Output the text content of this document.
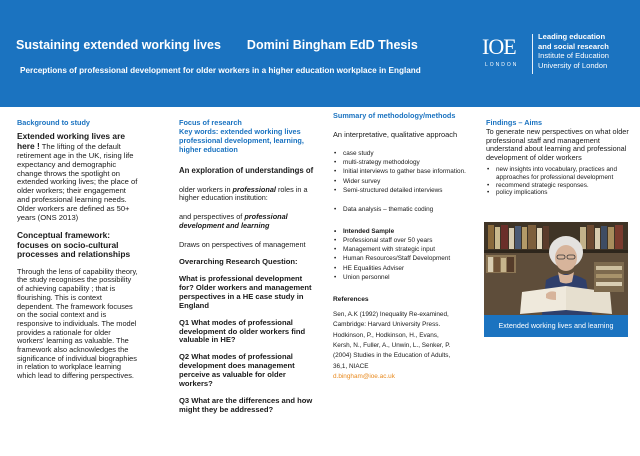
Sustaining extended working lives Domini Bingham EdD Thesis
Perceptions of professional development for older workers in a higher education workplace in England
IOE
LONDON
Leading education
and social research
Institute of Education
University of London
Background to study

Extended working lives are here ! The lifting of the default retirement age in the UK, rising life expectancy and demographic change throws the spotlight on extended working lives; the place of older workers; their engagement and professional learning needs. Older workers are defined as 50+ years (ONS 2013)

Conceptual framework: focuses on socio-cultural processes and relationships

Through the lens of capability theory, the study recognises the possibility of achieving capability ; that is flourishing. This is context dependent. The framework focuses on the social context and is responsive to individuals. The model provides a rationale for older workers' learning as valuable. The framework also acknowledges the significance of individual biographies in relation to workplace learning which lead to differing perspectives.

Focus of research

Key words: extended working lives professional development, learning, higher education

An exploration of understandings of

older workers in professional roles in a higher education institution:

and perspectives of professional development and learning

Draws on perspectives of management

Overarching Research Question:

What is professional development for? Older workers and management perspectives in a HE case study in England

Q1 What modes of professional development do older workers find valuable in HE?

Q2 What modes of professional development does management perceive as valuable for older workers?

Q3 What are the differences and how might they be addressed?

Summary of methodology/methods

An interpretative, qualitative approach

• case study
• multi-strategy methodology
• Initial interviews to gather base information.
• Wider survey
• Semi-structured detailed interviews
• Data analysis – thematic coding
• Intended Sample
• Professional staff over 50 years
• Management with strategic input
• Human Resources/Staff Development
• HE Equalities Adviser
• Union personnel

References

Sen, A.K (1992) Inequality Re-examined,

Cambridge: Harvard University Press.

Hodkinson, P., Hodkinson, H., Evans,

Kersh, N., Fuller, A., Unwin, L., Senker, P.

(2004) Studies in the Education of Adults,

36,1, NIACE

d.bingham@ioe.ac.uk

Findings – Aims

To generate new perspectives on what older professional staff and management understand about learning and professional development of older workers

• new insights into vocabulary, practices and approaches for professional development
• recommend strategic responses.
• policy implications
Extended working lives and learning
